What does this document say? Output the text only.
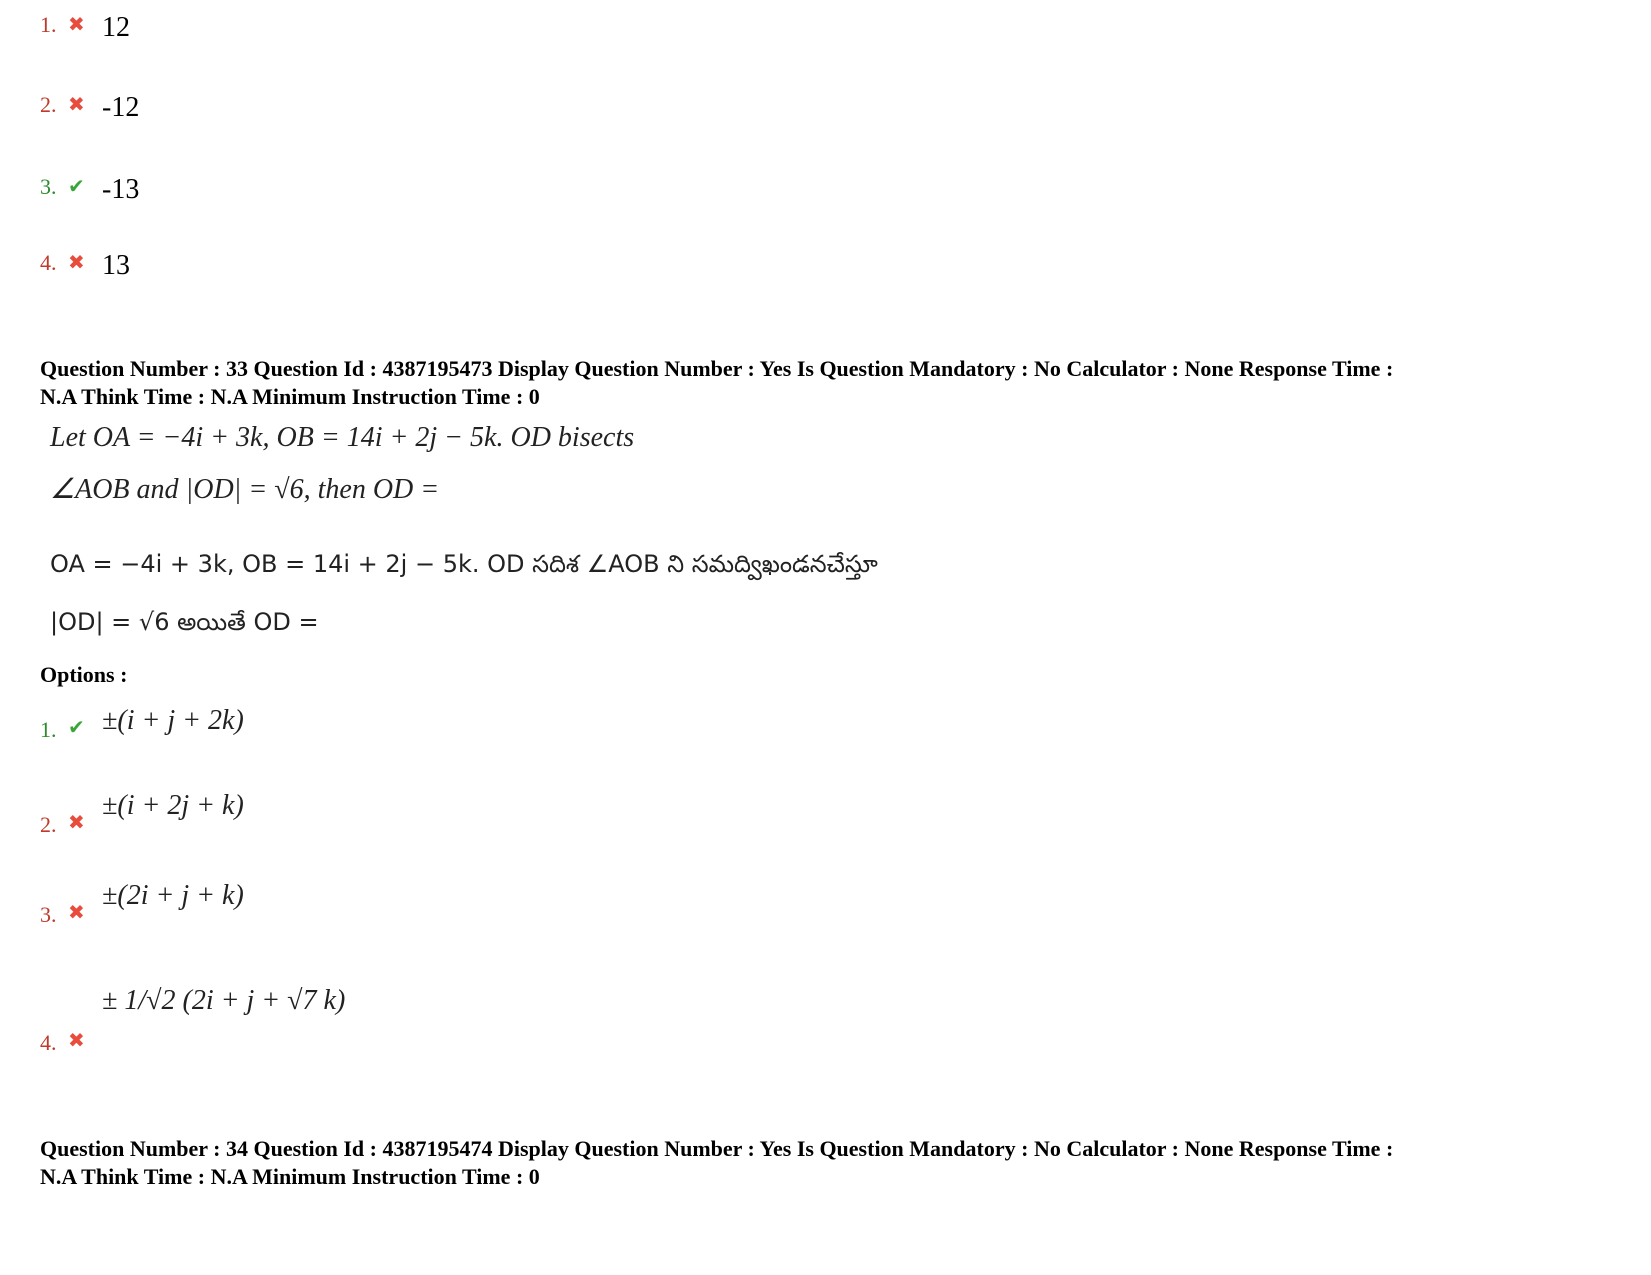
1. ✖ 12
2. ✖ -12
3. ✔ -13
4. ✖ 13
Question Number : 33 Question Id : 4387195473 Display Question Number : Yes Is Question Mandatory : No Calculator : None Response Time :
N.A Think Time : N.A Minimum Instruction Time : 0
Let OA = −4i + 3k, OB = 14i + 2j − 5k. OD bisects
∠AOB and |OD| = √6, then OD =
OA = −4i + 3k, OB = 14i + 2j − 5k. OD సదిశ ∠AOB ని సమద్విఖండనచేస్తూ
|OD| = √6 అయితే OD =
Options :
1. ✔ ±(i + j + 2k)
2. ✖
±(i + 2j + k)
3. ✖
±(2i + j + k)
4. ✖
± 1/√2 (2i + j + √7 k)
Question Number : 34 Question Id : 4387195474 Display Question Number : Yes Is Question Mandatory : No Calculator : None Response Time :
N.A Think Time : N.A Minimum Instruction Time : 0
